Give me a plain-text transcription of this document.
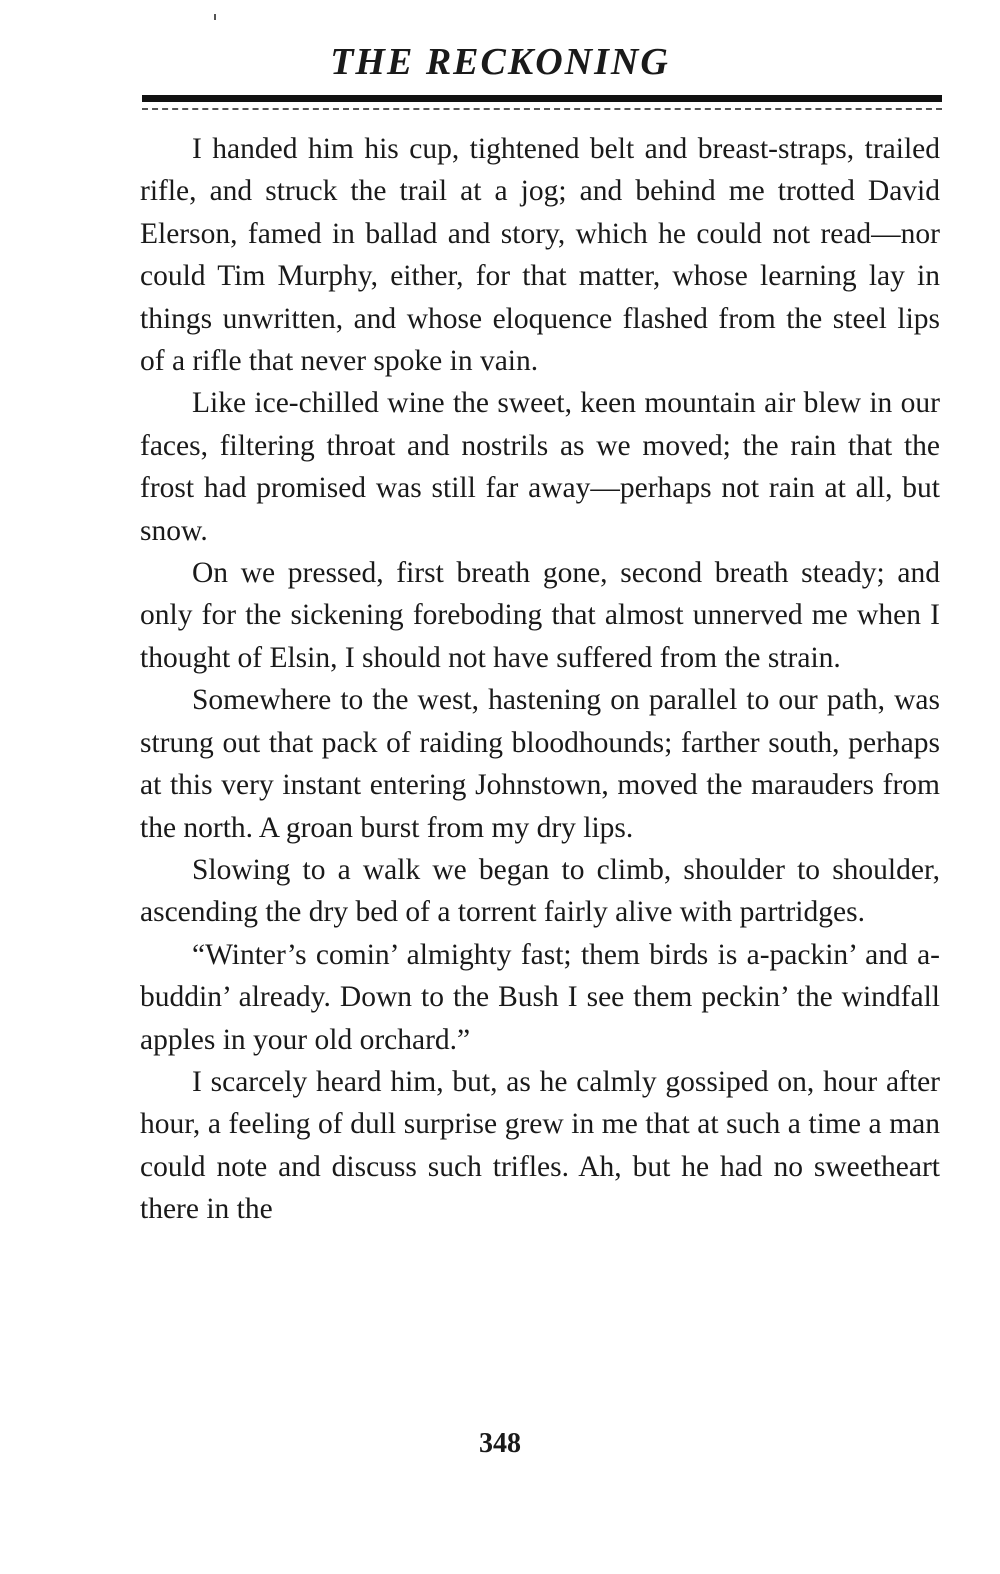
THE RECKONING

I handed him his cup, tightened belt and breast-straps, trailed rifle, and struck the trail at a jog; and behind me trotted David Elerson, famed in ballad and story, which he could not read—nor could Tim Murphy, either, for that matter, whose learning lay in things unwritten, and whose eloquence flashed from the steel lips of a rifle that never spoke in vain.

Like ice-chilled wine the sweet, keen mountain air blew in our faces, filtering throat and nostrils as we moved; the rain that the frost had promised was still far away—perhaps not rain at all, but snow.

On we pressed, first breath gone, second breath steady; and only for the sickening foreboding that almost unnerved me when I thought of Elsin, I should not have suffered from the strain.

Somewhere to the west, hastening on parallel to our path, was strung out that pack of raiding bloodhounds; farther south, perhaps at this very instant entering Johnstown, moved the marauders from the north. A groan burst from my dry lips.

Slowing to a walk we began to climb, shoulder to shoulder, ascending the dry bed of a torrent fairly alive with partridges.

“Winter’s comin’ almighty fast; them birds is a-packin’ and a-buddin’ already. Down to the Bush I see them peckin’ the windfall apples in your old orchard.”

I scarcely heard him, but, as he calmly gossiped on, hour after hour, a feeling of dull surprise grew in me that at such a time a man could note and discuss such trifles. Ah, but he had no sweetheart there in the

348
